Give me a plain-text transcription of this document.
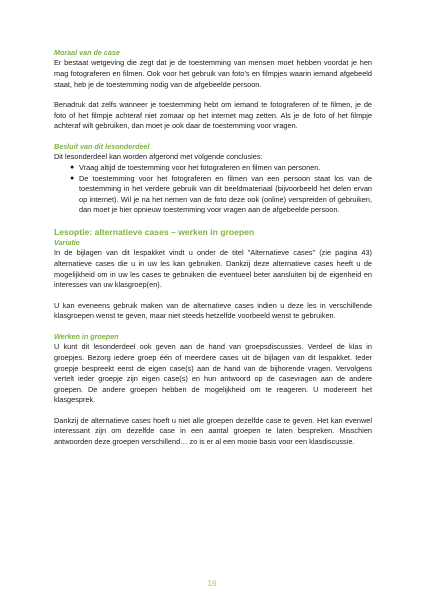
Moraal van de case

Er bestaat wetgeving die zegt dat je de toestemming van mensen moet hebben voordat je hen mag fotograferen en filmen. Ook voor het gebruik van foto’s en filmpjes waarin iemand afgebeeld staat, heb je de toestemming nodig van de afgebeelde persoon.

Benadruk dat zelfs wanneer je toestemming hebt om iemand te fotograferen of te filmen, je de foto of het filmpje achteraf niet zomaar op het internet mag zetten. Als je de foto of het filmpje achteraf wilt gebruiken, dan moet je ook daar de toestemming voor vragen.

Besluit van dit lesonderdeel

Dit lesonderdeel kan worden afgerond met volgende conclusies:

● Vraag altijd de toestemming voor het fotograferen en filmen van personen.
● De toestemming voor het fotograferen en filmen van een persoon staat los van de toestemming in het verdere gebruik van dit beeldmateriaal (bijvoorbeeld het delen ervan op internet). Wil je na het nemen van de foto deze ook (online) verspreiden of gebruiken, dan moet je hier opnieuw toestemming voor vragen aan de afgebeelde persoon.

Lesoptie: alternatieve cases – werken in groepen

Variatie

In de bijlagen van dit lespakket vindt u onder de titel "Alternatieve cases" (zie pagina 43) alternatieve cases die u in uw les kan gebruiken. Dankzij deze alternatieve cases heeft u de mogelijkheid om in uw les cases te gebruiken die eventueel beter aansluiten bij de eigenheid en interesses van uw klasgroep(en).

U kan eveneens gebruik maken van de alternatieve cases indien u deze les in verschillende klasgroepen wenst te geven, maar niet steeds hetzelfde voorbeeld wenst te gebruiken.

Werken in groepen

U kunt dit lesonderdeel ook geven aan de hand van groepsdiscussies. Verdeel de klas in groepjes. Bezorg iedere groep één of meerdere cases uit de bijlagen van dit lespakket. Ieder groepje bespreekt eerst de eigen case(s) aan de hand van de bijhorende vragen. Vervolgens vertelt ieder groepje zijn eigen case(s) en hun antwoord op de casevragen aan de andere groepen. De andere groepen hebben de mogelijkheid om te reageren. U modereert het klasgesprek.

Dankzij de alternatieve cases hoeft u niet alle groepen dezelfde case te geven. Het kan evenwel interessant zijn om dezelfde case in een aantal groepen te laten bespreken. Misschien antwoorden deze groepen verschillend… zo is er al een mooie basis voor een klasdiscussie.

16
